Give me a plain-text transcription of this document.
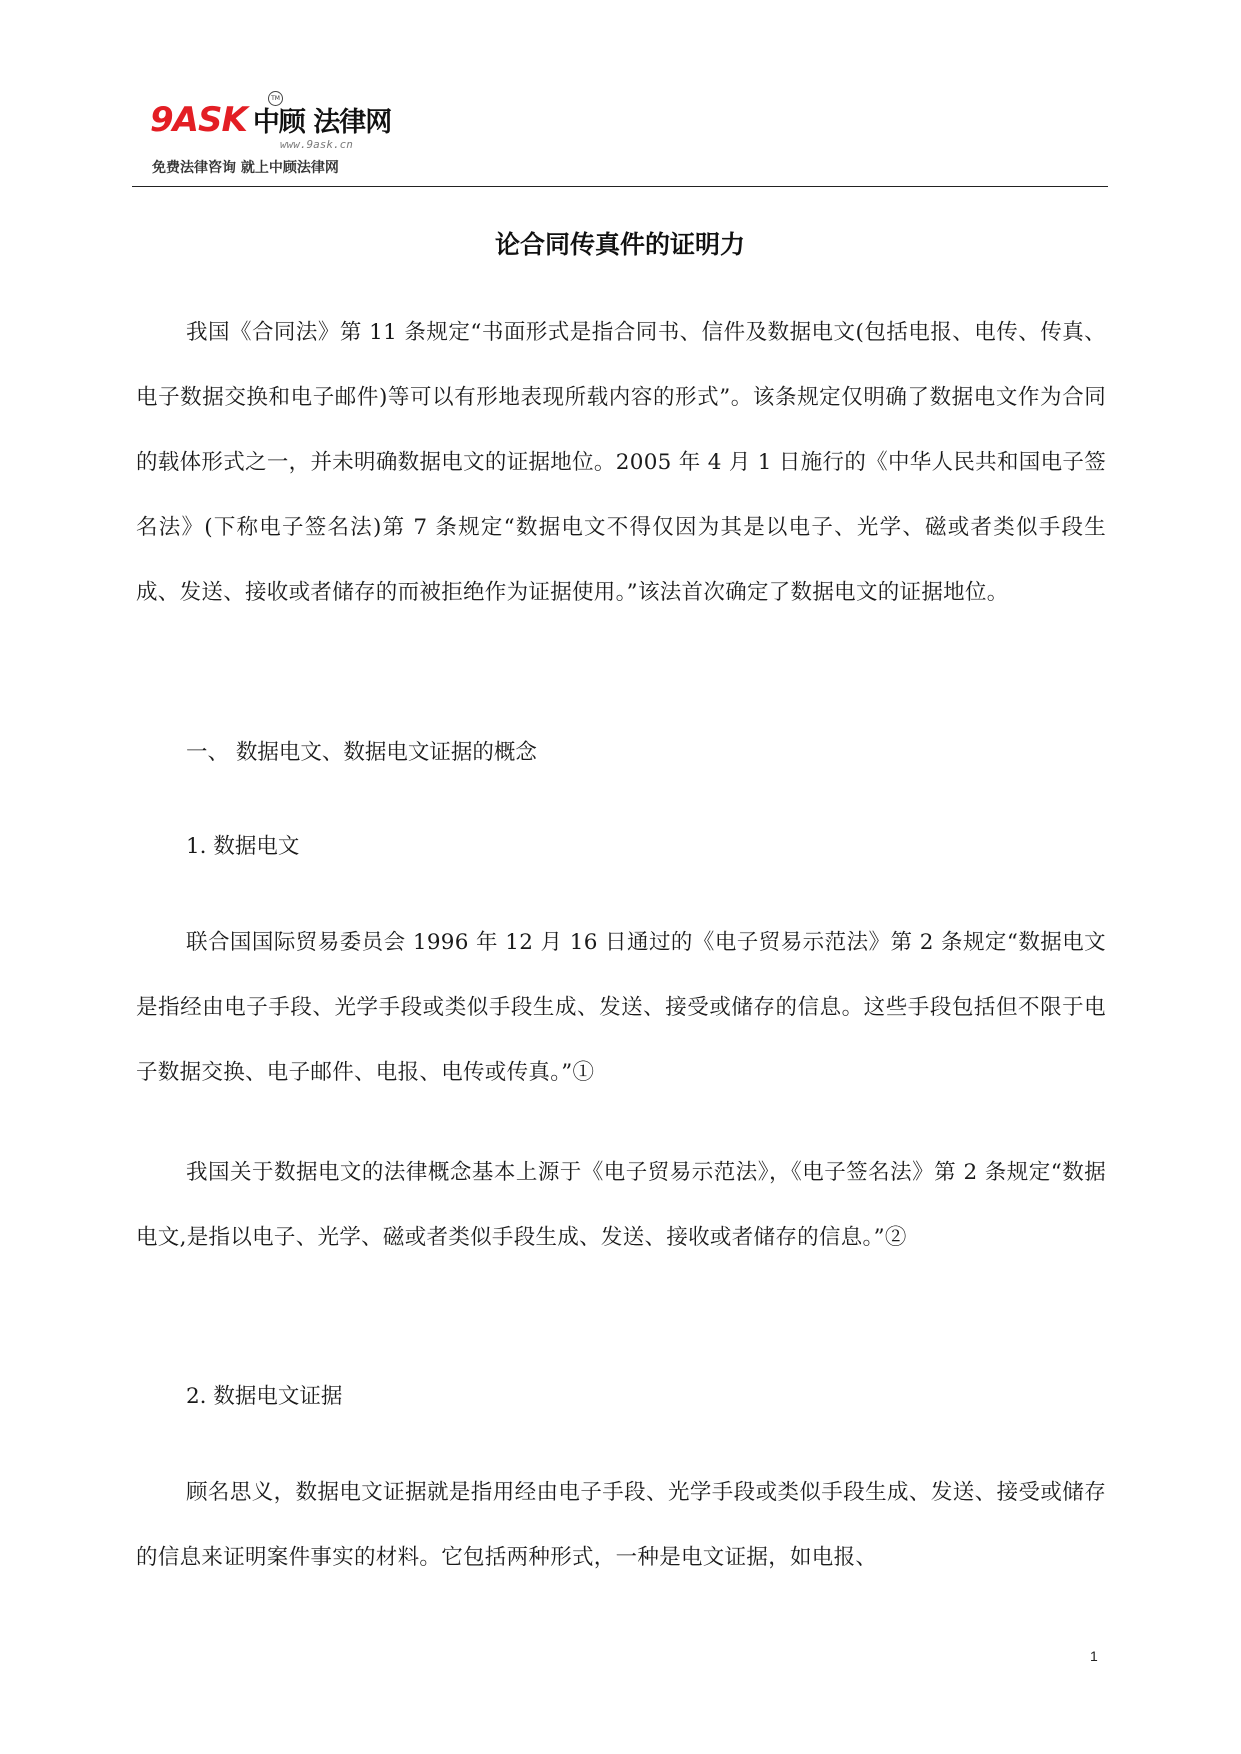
9ASK 中顾 法律网
TM
www.9ask.cn
免费法律咨询 就上中顾法律网
论合同传真件的证明力
我国《合同法》第 11 条规定“书面形式是指合同书、信件及数据电文(包括电报、电传、传真、电子数据交换和电子邮件)等可以有形地表现所载内容的形式”。该条规定仅明确了数据电文作为合同的载体形式之一，并未明确数据电文的证据地位。2005 年 4 月 1 日施行的《中华人民共和国电子签名法》(下称电子签名法)第 7 条规定“数据电文不得仅因为其是以电子、光学、磁或者类似手段生成、发送、接收或者储存的而被拒绝作为证据使用。”该法首次确定了数据电文的证据地位。
一、 数据电文、数据电文证据的概念
1. 数据电文
联合国国际贸易委员会 1996 年 12 月 16 日通过的《电子贸易示范法》第 2 条规定“数据电文是指经由电子手段、光学手段或类似手段生成、发送、接受或储存的信息。这些手段包括但不限于电子数据交换、电子邮件、电报、电传或传真。”①
我国关于数据电文的法律概念基本上源于《电子贸易示范法》，《电子签名法》第 2 条规定“数据电文,是指以电子、光学、磁或者类似手段生成、发送、接收或者储存的信息。”②
2. 数据电文证据
顾名思义，数据电文证据就是指用经由电子手段、光学手段或类似手段生成、发送、接受或储存的信息来证明案件事实的材料。它包括两种形式，一种是电文证据，如电报、
1
